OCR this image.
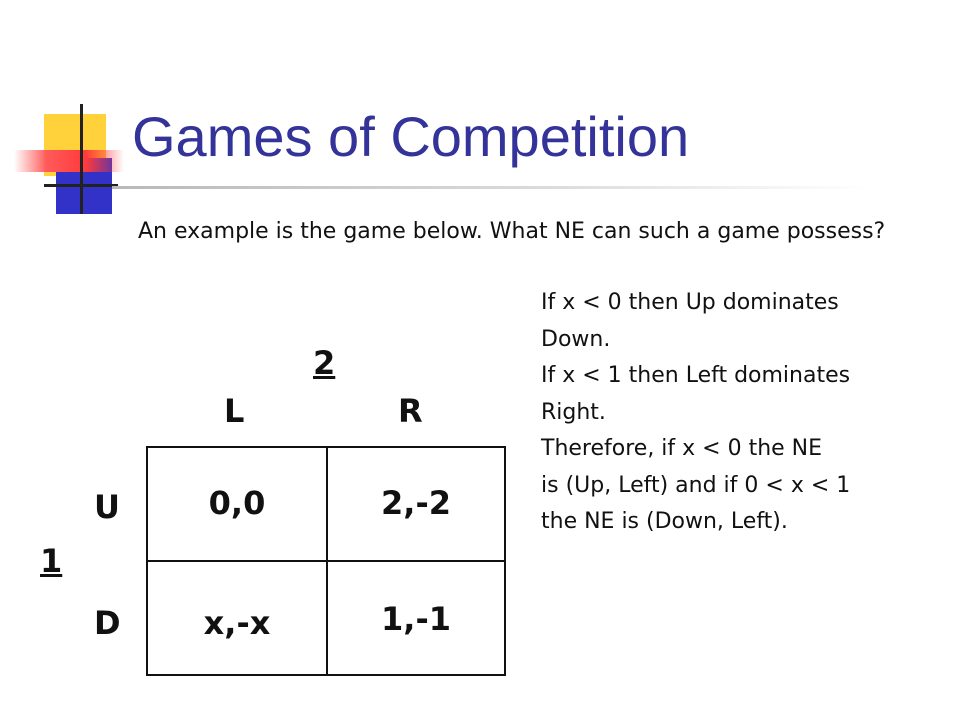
Games of Competition
An example is the game below. What NE can such a game possess?
If x < 0 then Up dominates
Down.
If x < 1 then Left dominates
Right.
Therefore, if x < 0 the NE
is (Up, Left) and if 0 < x < 1
the NE is (Down, Left).
2
L	R
U
1
D
0,0	2,-2
x,-x	1,-1
